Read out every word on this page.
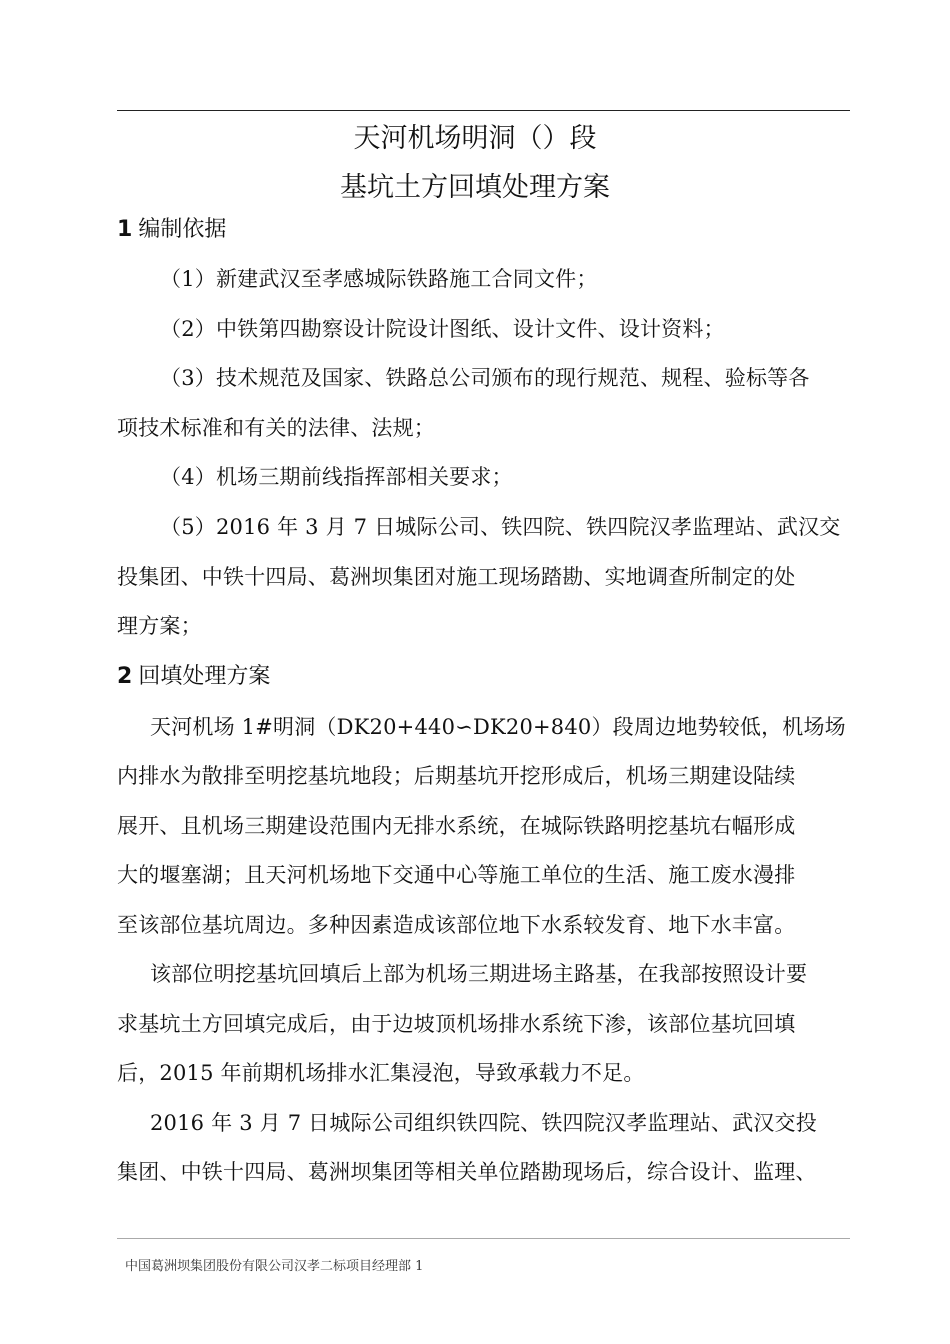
天河机场明洞（）段
基坑土方回填处理方案
1 编制依据
（1）新建武汉至孝感城际铁路施工合同文件；
（2）中铁第四勘察设计院设计图纸、设计文件、设计资料；
（3）技术规范及国家、铁路总公司颁布的现行规范、规程、验标等各
项技术标准和有关的法律、法规；
（4）机场三期前线指挥部相关要求；
（5）2016 年 3 月 7 日城际公司、铁四院、铁四院汉孝监理站、武汉交
投集团、中铁十四局、葛洲坝集团对施工现场踏勘、实地调查所制定的处
理方案；
2 回填处理方案
天河机场 1#明洞（DK20+440∽DK20+840）段周边地势较低，机场场
内排水为散排至明挖基坑地段；后期基坑开挖形成后，机场三期建设陆续
展开、且机场三期建设范围内无排水系统，在城际铁路明挖基坑右幅形成
大的堰塞湖；且天河机场地下交通中心等施工单位的生活、施工废水漫排
至该部位基坑周边。多种因素造成该部位地下水系较发育、地下水丰富。
该部位明挖基坑回填后上部为机场三期进场主路基，在我部按照设计要
求基坑土方回填完成后，由于边坡顶机场排水系统下渗，该部位基坑回填
后，2015 年前期机场排水汇集浸泡，导致承载力不足。
2016 年 3 月 7 日城际公司组织铁四院、铁四院汉孝监理站、武汉交投
集团、中铁十四局、葛洲坝集团等相关单位踏勘现场后，综合设计、监理、
中国葛洲坝集团股份有限公司汉孝二标项目经理部 1
